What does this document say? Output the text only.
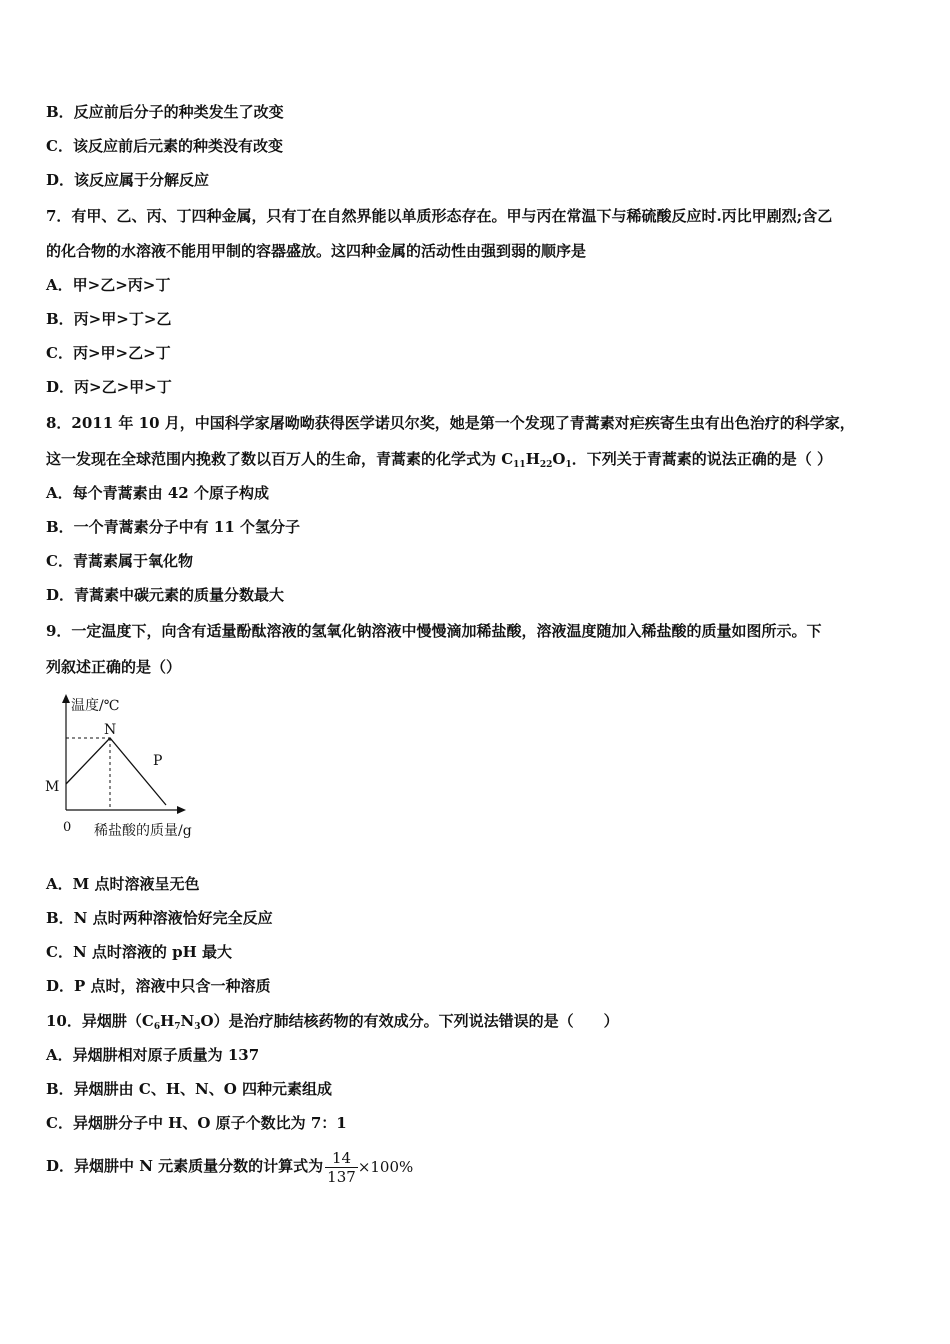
B．反应前后分子的种类发生了改变
C．该反应前后元素的种类没有改变
D．该反应属于分解反应
7．有甲、乙、丙、丁四种金属，只有丁在自然界能以单质形态存在。甲与丙在常温下与稀硫酸反应时.丙比甲剧烈;含乙
的化合物的水溶液不能用甲制的容器盛放。这四种金属的活动性由强到弱的顺序是
A．甲>乙>丙>丁
B．丙>甲>丁>乙
C．丙>甲>乙>丁
D．丙>乙>甲>丁
8．2011 年 10 月，中国科学家屠呦呦获得医学诺贝尔奖，她是第一个发现了青蒿素对疟疾寄生虫有出色治疗的科学家，
这一发现在全球范围内挽救了数以百万人的生命，青蒿素的化学式为 $C_{11}H_{22}O_1$．下列关于青蒿素的说法正确的是（ ）
A．每个青蒿素由 42 个原子构成
B．一个青蒿素分子中有 11 个氢分子
C．青蒿素属于氧化物
D．青蒿素中碳元素的质量分数最大
9．一定温度下，向含有适量酚酞溶液的氢氧化钠溶液中慢慢滴加稀盐酸，溶液温度随加入稀盐酸的质量如图所示。下
列叙述正确的是（）
温度/℃
M
N
P
0 稀盐酸的质量/g
A．M 点时溶液呈无色
B．N 点时两种溶液恰好完全反应
C．N 点时溶液的 pH 最大
D．P 点时，溶液中只含一种溶质
10．异烟肼$(C_6H_7N_3O)$是治疗肺结核药物的有效成分。下列说法错误的是（　　）
A．异烟肼相对原子质量为 137
B．异烟肼由 C、H、N、O 四种元素组成
C．异烟肼分子中 H、O 原子个数比为 7：1
D．异烟肼中 N 元素质量分数的计算式为 $\frac{14}{137} \times 100\%$
